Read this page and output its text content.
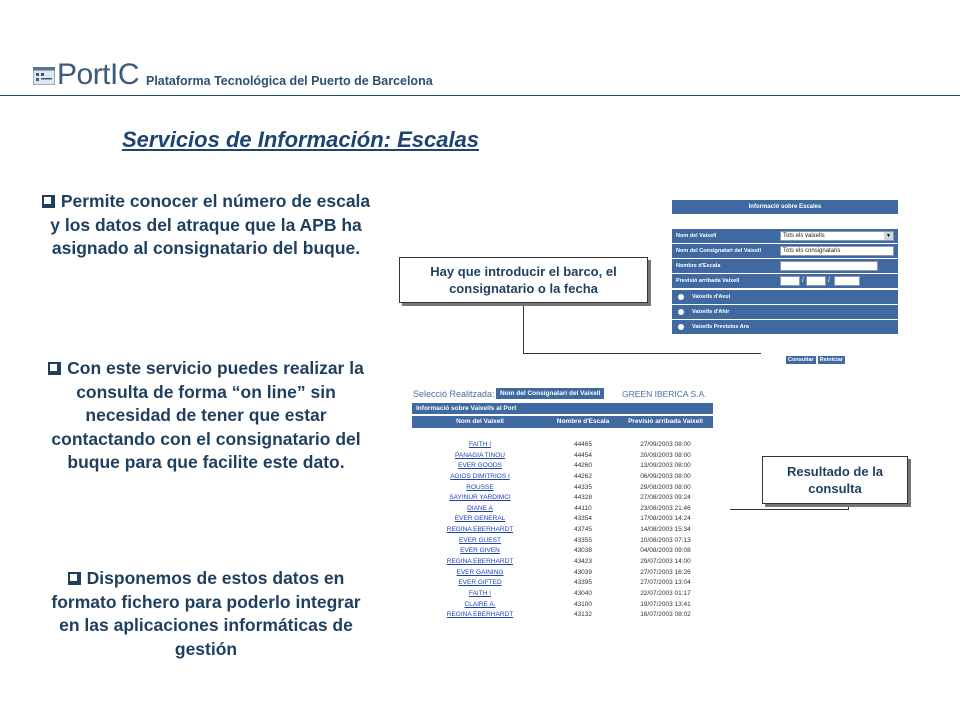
PortIC Plataforma Tecnológica del Puerto de Barcelona
Servicios de Información: Escalas
Permite conocer el número de escala y los datos del atraque que la APB ha asignado al consignatario del buque.
Con este servicio puedes realizar la consulta de forma “on line” sin necesidad de tener que estar contactando con el consignatario del buque para que facilite este dato.
Disponemos de estos datos en formato fichero para poderlo integrar en las aplicaciones informáticas de gestión
Informació sobre Escales
Nom del Vaixell	Tots els vaixells	▼
Nom del Consignatari del Vaixell	Tots els consignataris
Nombre d'Escala
Previsió arribada Vaixell	/	/
Vaixells d'Avui
Vaixells d'Ahir
Vaixells Previstos Ara
Consultar Reiniciar
Hay que introducir el barco, el consignatario o la fecha
Selecció Realitzada: Nom del Consignatari del Vaixell	GREEN IBERICA S.A.
Informació sobre Vaixells al Port
Nom del Vaixell	Nombre d'Escala	Previsió arribada Vaixell
FAITH I	44465	27/09/2003 08:00
PANAGIA TINOU	44454	20/09/2003 08:00
EVER GOODS	44260	13/09/2003 08:00
AGIOS DIMITRIOS I	44262	06/09/2003 08:00
ROUSSE	44335	29/08/2003 08:00
SAYINUR YARDIMCI	44328	27/08/2003 09:24
DIANE A	44110	23/08/2003 21:46
EVER GENERAL	43354	17/08/2003 14:24
REGINA EBERHARDT	43745	14/08/2003 15:34
EVER GUEST	43355	10/08/2003 07:13
EVER GIVEN	43038	04/08/2003 09:08
REGINA EBERHARDT	43423	29/07/2003 14:00
EVER GAINING	43039	27/07/2003 16:26
EVER GIFTED	43395	27/07/2003 13:04
FAITH I	43040	22/07/2003 01:17
CLAIRE A.	43100	19/07/2003 13:41
REGINA EBERHARDT	43132	16/07/2003 08:02
Resultado de la consulta
